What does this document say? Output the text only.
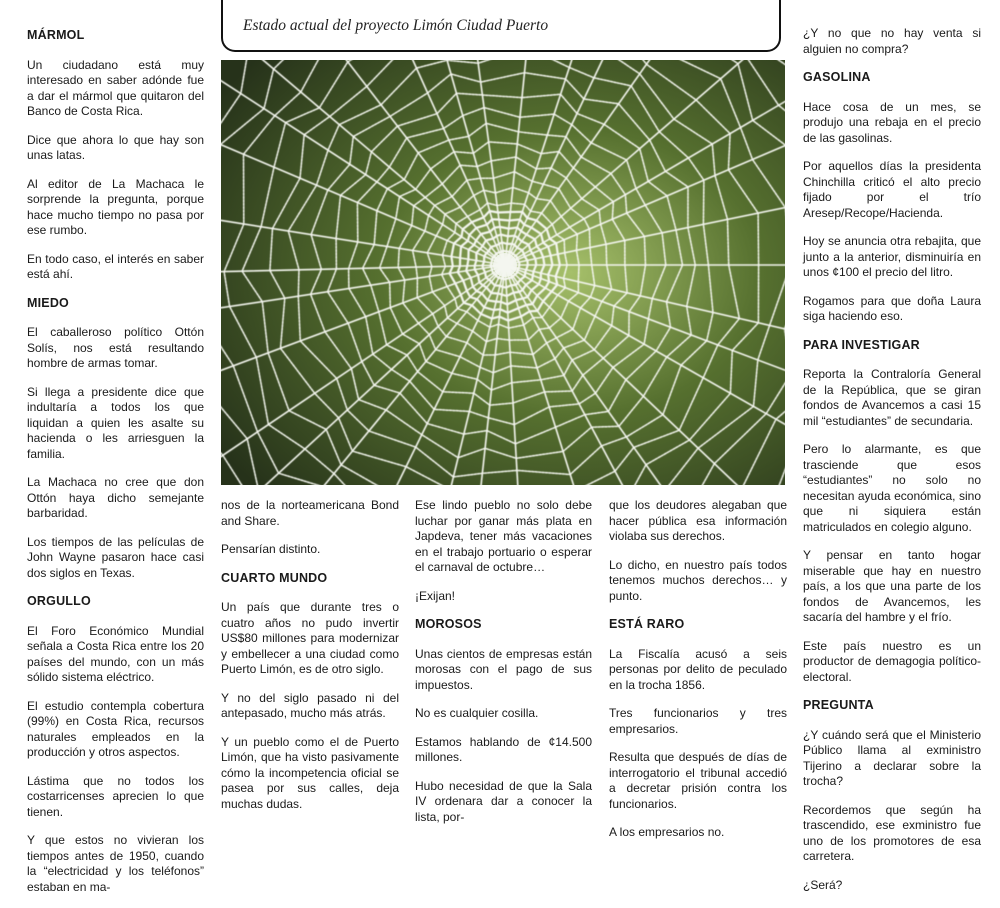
MÁRMOL

Un ciudadano está muy interesado en saber adónde fue a dar el mármol que quitaron del Banco de Costa Rica.

Dice que ahora lo que hay son unas latas.

Al editor de La Machaca le sorprende la pregunta, porque hace mucho tiempo no pasa por ese rumbo.

En todo caso, el interés en saber está ahí.

MIEDO

El caballeroso político Ottón Solís, nos está resultando hombre de armas tomar.

Si llega a presidente dice que indultaría a todos los que liquidan a quien les asalte su hacienda o les arriesguen la familia.

La Machaca no cree que don Ottón haya dicho semejante barbaridad.

Los tiempos de las películas de John Wayne pasaron hace casi dos siglos en Texas.

ORGULLO

El Foro Económico Mundial señala a Costa Rica entre los 20 países del mundo, con un más sólido sistema eléctrico.

El estudio contempla cobertura (99%) en Costa Rica, recursos naturales empleados en la producción y otros aspectos.

Lástima que no todos los costarricenses aprecien lo que tienen.

Y que estos no vivieran los tiempos antes de 1950, cuando la “electricidad y los teléfonos” estaban en ma-

Estado actual del proyecto Limón Ciudad Puerto

nos de la norteamericana Bond and Share.

Pensarían distinto.

CUARTO MUNDO

Un país que durante tres o cuatro años no pudo invertir US$80 millones para modernizar y embellecer a una ciudad como Puerto Limón, es de otro siglo.

Y no del siglo pasado ni del antepasado, mucho más atrás.

Y un pueblo como el de Puerto Limón, que ha visto pasivamente cómo la incompetencia oficial se pasea por sus calles, deja muchas dudas.

Ese lindo pueblo no solo debe luchar por ganar más plata en Japdeva, tener más vacaciones en el trabajo portuario o esperar el carnaval de octubre…

¡Exijan!

MOROSOS

Unas cientos de empresas están morosas con el pago de sus impuestos.

No es cualquier cosilla.

Estamos hablando de ¢14.500 millones.

Hubo necesidad de que la Sala IV ordenara dar a conocer la lista, por-

que los deudores alegaban que hacer pública esa información violaba sus derechos.

Lo dicho, en nuestro país todos tenemos muchos derechos… y punto.

ESTÁ RARO

La Fiscalía acusó a seis personas por delito de peculado en la trocha 1856.

Tres funcionarios y tres empresarios.

Resulta que después de días de interrogatorio el tribunal accedió a decretar prisión contra los funcionarios.

A los empresarios no.

¿Y no que no hay venta si alguien no compra?

GASOLINA

Hace cosa de un mes, se produjo una rebaja en el precio de las gasolinas.

Por aquellos días la presidenta Chinchilla criticó el alto precio fijado por el trío Aresep/Recope/Hacienda.

Hoy se anuncia otra rebajita, que junto a la anterior, disminuiría en unos ¢100 el precio del litro.

Rogamos para que doña Laura siga haciendo eso.

PARA INVESTIGAR

Reporta la Contraloría General de la República, que se giran fondos de Avancemos a casi 15 mil “estudiantes” de secundaria.

Pero lo alarmante, es que trasciende que esos “estudiantes” no solo no necesitan ayuda económica, sino que ni siquiera están matriculados en colegio alguno.

Y pensar en tanto hogar miserable que hay en nuestro país, a los que una parte de los fondos de Avancemos, les sacaría del hambre y el frío.

Este país nuestro es un productor de demagogia político-electoral.

PREGUNTA

¿Y cuándo será que el Ministerio Público llama al exministro Tijerino a declarar sobre la trocha?

Recordemos que según ha trascendido, ese exministro fue uno de los promotores de esa carretera.

¿Será?
